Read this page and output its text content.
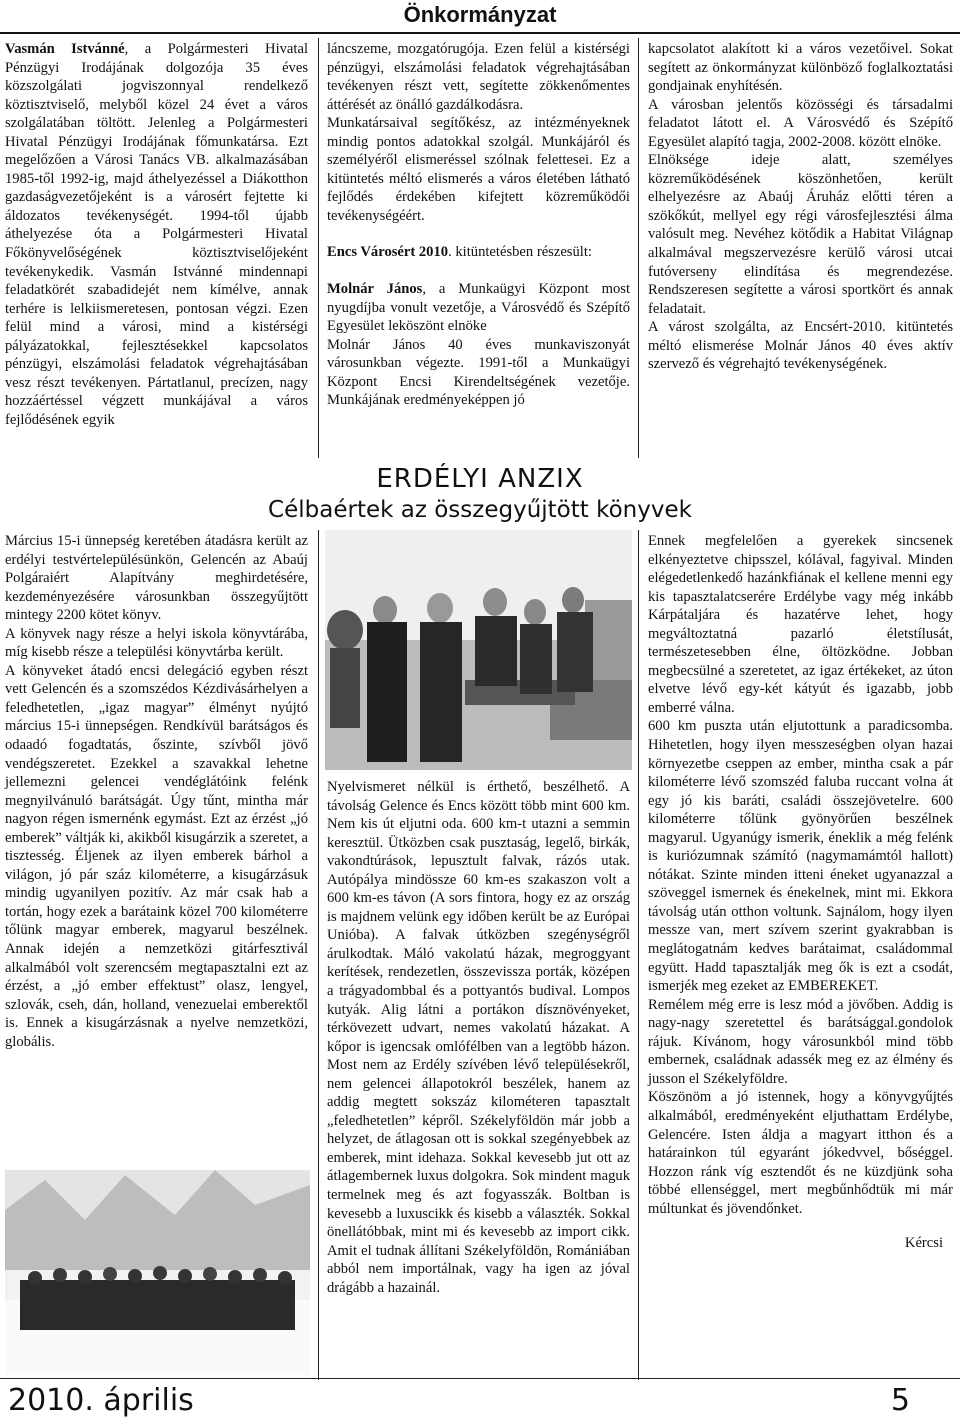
Önkormányzat

Vasmán Istvánné, a Polgármesteri Hivatal Pénzügyi Irodájának dolgozója 35 éves közszolgálati jogviszonnyal rendelkező köztisztviselő, melyből közel 24 évet a város szolgálatában töltött. Jelenleg a Polgármesteri Hivatal Pénzügyi Irodájának főmunkatársa. Ezt megelőzően a Városi Tanács VB. alkalmazásában 1985-től 1992-ig, majd áthelyezéssel a Diákotthon gazdaságvezetőjeként is a városért fejtette ki áldozatos tevékenységét. 1994-től újabb áthelyezése óta a Polgármesteri Hivatal Főkönyvelőségének köztisztviselőjeként tevékenykedik. Vasmán Istvánné mindennapi feladatkörét szabadidejét nem kímélve, annak terhére is lelkiismeretesen, pontosan végzi. Ezen felül mind a városi, mind a kistérségi pályázatokkal, fejlesztésekkel kapcsolatos pénzügyi, elszámolási feladatok végrehajtásában vesz részt tevékenyen. Pártatlanul, precízen, nagy hozzáértéssel végzett munkájával a város fejlődésének egyik

láncszeme, mozgatórugója. Ezen felül a kistérségi pénzügyi, elszámolási feladatok végrehajtásában tevékenyen részt vett, segítette zökkenőmentes áttérését az önálló gazdálkodásra.

Munkatársaival segítőkész, az intézményeknek mindig pontos adatokkal szolgál. Munkájáról és személyéről elismeréssel szólnak felettesei. Ez a kitüntetés méltó elismerés a város életében látható fejlődés érdekében kifejtett közreműködői tevékenységéért.

Encs Városért 2010. kitüntetésben részesült:

Molnár János, a Munkaügyi Központ most nyugdíjba vonult vezetője, a Városvédő és Szépítő Egyesület leköszönt elnöke

Molnár János 40 éves munkaviszonyát városunkban végezte. 1991-től a Munkaügyi Központ Encsi Kirendeltségének vezetője. Munkájának eredményeképpen jó

kapcsolatot alakított ki a város vezetőivel. Sokat segített az önkormányzat különböző foglalkoztatási gondjainak enyhítésén.

A városban jelentős közösségi és társadalmi feladatot látott el. A Városvédő és Szépítő Egyesület alapító tagja, 2002-2008. között elnöke.

Elnöksége ideje alatt, személyes közreműködésének köszönhetően, került elhelyezésre az Abaúj Áruház előtti téren a szökőkút, mellyel egy régi városfejlesztési álma valósult meg. Nevéhez kötődik a Habitat Világnap alkalmával megszervezésre kerülő városi utcai futóverseny elindítása és megrendezése. Rendszeresen segítette a városi sportkört és annak feladatait.

A várost szolgálta, az Encsért-2010. kitüntetés méltó elismerése Molnár János 40 éves aktív szervező és végrehajtó tevékenységének.

ERDÉLYI ANZIX
Célbaértek az összegyűjtött könyvek

Március 15-i ünnepség keretében átadásra került az erdélyi testvértelepülésünkön, Gelencén az Abaúj Polgáraiért Alapítvány meghirdetésére, kezdeményezésére városunkban összegyűjtött mintegy 2200 kötet könyv.

A könyvek nagy része a helyi iskola könyvtárába, míg kisebb része a települési könyvtárba került.

A könyveket átadó encsi delegáció egyben részt vett Gelencén és a szomszédos Kézdivásárhelyen a feledhetetlen, „igaz magyar” élményt nyújtó március 15-i ünnepségen. Rendkívül barátságos és odaadó fogadtatás, őszinte, szívből jövő vendégszeretet. Ezekkel a szavakkal lehetne jellemezni gelencei vendéglátóink felénk megnyilvánuló barátságát. Úgy tűnt, mintha már nagyon régen ismernénk egymást. Ezt az érzést „jó emberek” váltják ki, akikből kisugárzik a szeretet, a tisztesség. Éljenek az ilyen emberek bárhol a világon, jó pár száz kilométerre, a kisugárzásuk mindig ugyanilyen pozitív. Az már csak hab a tortán, hogy ezek a barátaink közel 700 kilométerre tőlünk magyar emberek, magyarul beszélnek. Annak idején a nemzetközi gitárfesztivál alkalmából volt szerencsém megtapasztalni ezt az érzést, a „jó ember effektust” olasz, lengyel, szlovák, cseh, dán, holland, venezuelai emberektől is. Ennek a kisugárzásnak a nyelve nemzetközi, globális.

Nyelvismeret nélkül is érthető, beszélhető. A távolság Gelence és Encs között több mint 600 km. Nem kis út eljutni oda. 600 km-t utazni a semmin keresztül. Ütközben csak pusztaság, legelő, birkák, vakondtúrások, lepusztult falvak, rázós utak. Autópálya mindössze 60 km-es szakaszon volt a 600 km-es távon (A sors fintora, hogy ez az ország is majdnem velünk egy időben került be az Európai Unióba). A falvak útközben szegénységről árulkodtak. Máló vakolatú házak, megroggyant kerítések, rendezetlen, összevissza porták, középen a trágyadombbal és a pottyantós budival. Lompos kutyák. Alig látni a portákon dísznövényeket, térkövezett udvart, nemes vakolatú házakat. A kőpor is igencsak omlófélben van a legtöbb házon. Most nem az Erdély szívében lévő településekről, nem gelencei állapotokról beszélek, hanem az addig megtett sokszáz kilométeren tapasztalt „feledhetetlen” képről. Székelyföldön már jobb a helyzet, de átlagosan ott is sokkal szegényebbek az emberek, mint idehaza. Sokkal kevesebb jut ott az átlagembernek luxus dolgokra. Sok mindent maguk termelnek meg és azt fogyasszák. Boltban is kevesebb a luxuscikk és kisebb a választék. Sokkal önellátóbbak, mint mi és kevesebb az import cikk. Amit el tudnak állítani Székelyföldön, Romániában abból nem importálnak, vagy ha igen az jóval drágább a hazainál.

Ennek megfelelően a gyerekek sincsenek elkényeztetve chipsszel, kólával, fagyival. Minden elégedetlenkedő hazánkfiának el kellene menni egy kis tapasztalatcserére Erdélybe vagy még inkább Kárpátaljára és hazatérve lehet, hogy megváltoztatná pazarló életstílusát, természetesebben élne, öltözködne. Jobban megbecsülné a szeretetet, az igaz értékeket, az úton elvetve lévő egy-két kátyút és igazabb, jobb emberré válna.

600 km puszta után eljutottunk a paradicsomba. Hihetetlen, hogy ilyen messzeségben olyan hazai környezetbe cseppen az ember, mintha csak a pár kilométerre lévő szomszéd faluba ruccant volna át egy jó kis baráti, családi összejövetelre. 600 kilométerre tőlünk gyönyörűen beszélnek magyarul. Ugyanúgy ismerik, éneklik a még felénk is kuriózumnak számító (nagymamámtól hallott) nótákat. Szinte minden itteni éneket ugyanazzal a szöveggel ismernek és énekelnek, mint mi. Ekkora távolság után otthon voltunk. Sajnálom, hogy ilyen messze van, mert szívem szerint gyakrabban is meglátogatnám kedves barátaimat, családommal együtt. Hadd tapasztalják meg ők is ezt a csodát, ismerjék meg ezeket az EMBEREKET.

Remélem még erre is lesz mód a jövőben. Addig is nagy-nagy szeretettel és barátsággal.gondolok rájuk. Kívánom, hogy városunkból mind több embernek, családnak adassék meg ez az élmény és jusson el Székelyföldre.

Köszönöm a jó istennek, hogy a könyvgyűjtés alkalmából, eredményeként eljuthattam Erdélybe, Gelencére. Isten áldja a magyart itthon és a határainkon túl egyaránt jókedvvel, bőséggel. Hozzon ránk víg esztendőt és ne küzdjünk soha többé ellenséggel, mert megbűnhődtük mi már múltunkat és jövendőnket.

Kércsi

2010. április	5
